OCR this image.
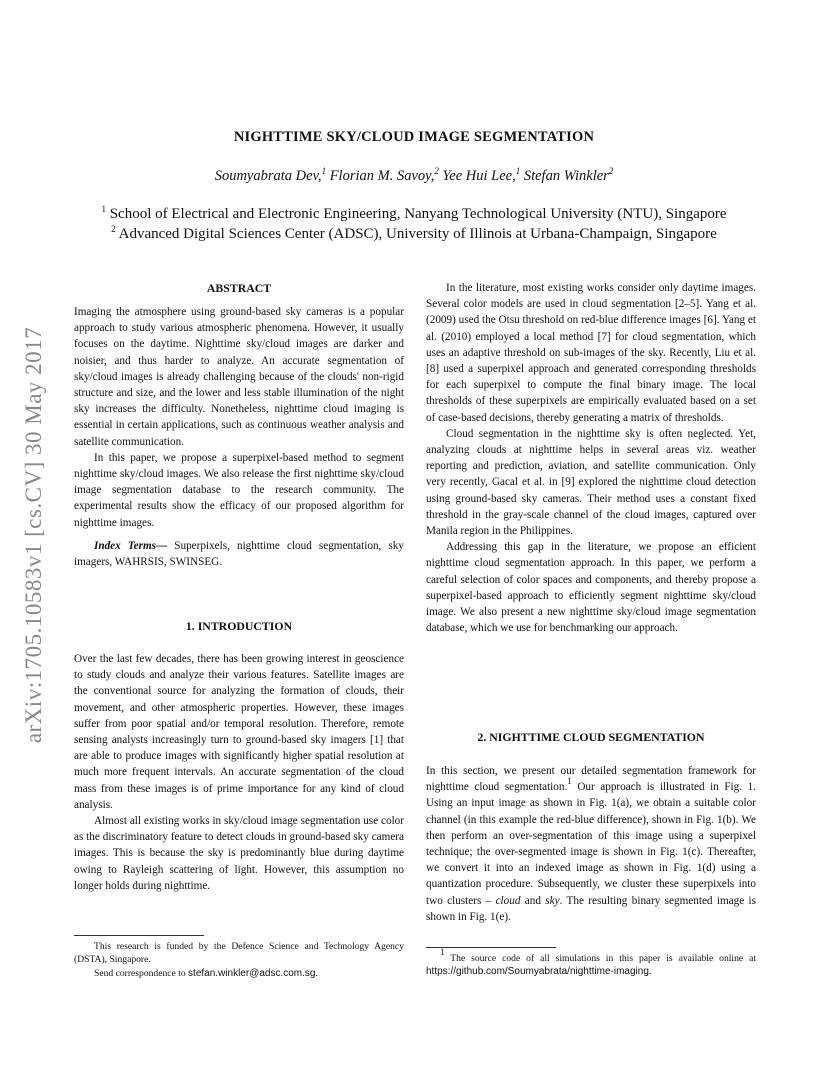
NIGHTTIME SKY/CLOUD IMAGE SEGMENTATION
Soumyabrata Dev,$^1$ Florian M. Savoy,$^2$ Yee Hui Lee,$^1$ Stefan Winkler$^2$
$^1$ School of Electrical and Electronic Engineering, Nanyang Technological University (NTU), Singapore
$^2$ Advanced Digital Sciences Center (ADSC), University of Illinois at Urbana-Champaign, Singapore
arXiv:1705.10583v1 [cs.CV] 30 May 2017
ABSTRACT

Imaging the atmosphere using ground-based sky cameras is a popular approach to study various atmospheric phenomena. However, it usually focuses on the daytime. Nighttime sky/cloud images are darker and noisier, and thus harder to analyze. An accurate segmentation of sky/cloud images is already challenging because of the clouds' non-rigid structure and size, and the lower and less stable illumination of the night sky increases the difficulty. Nonetheless, nighttime cloud imaging is essential in certain applications, such as continuous weather analysis and satellite communication.

In this paper, we propose a superpixel-based method to segment nighttime sky/cloud images. We also release the first nighttime sky/cloud image segmentation database to the research community. The experimental results show the efficacy of our proposed algorithm for nighttime images.

Index Terms— Superpixels, nighttime cloud segmentation, sky imagers, WAHRSIS, SWINSEG.

1. INTRODUCTION

Over the last few decades, there has been growing interest in geoscience to study clouds and analyze their various features. Satellite images are the conventional source for analyzing the formation of clouds, their movement, and other atmospheric properties. However, these images suffer from poor spatial and/or temporal resolution. Therefore, remote sensing analysts increasingly turn to ground-based sky imagers [1] that are able to produce images with significantly higher spatial resolution at much more frequent intervals. An accurate segmentation of the cloud mass from these images is of prime importance for any kind of cloud analysis.

Almost all existing works in sky/cloud image segmentation use color as the discriminatory feature to detect clouds in ground-based sky camera images. This is because the sky is predominantly blue during daytime owing to Rayleigh scattering of light. However, this assumption no longer holds during nighttime.

This research is funded by the Defence Science and Technology Agency (DSTA), Singapore.

Send correspondence to stefan.winkler@adsc.com.sg.

In the literature, most existing works consider only daytime images. Several color models are used in cloud segmentation [2–5]. Yang et al. (2009) used the Otsu threshold on red-blue difference images [6]. Yang et al. (2010) employed a local method [7] for cloud segmentation, which uses an adaptive threshold on sub-images of the sky. Recently, Liu et al. [8] used a superpixel approach and generated corresponding thresholds for each superpixel to compute the final binary image. The local thresholds of these superpixels are empirically evaluated based on a set of case-based decisions, thereby generating a matrix of thresholds.

Cloud segmentation in the nighttime sky is often neglected. Yet, analyzing clouds at nighttime helps in several areas viz. weather reporting and prediction, aviation, and satellite communication. Only very recently, Gacal et al. in [9] explored the nighttime cloud detection using ground-based sky cameras. Their method uses a constant fixed threshold in the gray-scale channel of the cloud images, captured over Manila region in the Philippines.

Addressing this gap in the literature, we propose an efficient nighttime cloud segmentation approach. In this paper, we perform a careful selection of color spaces and components, and thereby propose a superpixel-based approach to efficiently segment nighttime sky/cloud image. We also present a new nighttime sky/cloud image segmentation database, which we use for benchmarking our approach.

2. NIGHTTIME CLOUD SEGMENTATION

In this section, we present our detailed segmentation framework for nighttime cloud segmentation.$^1$ Our approach is illustrated in Fig. 1. Using an input image as shown in Fig. 1(a), we obtain a suitable color channel (in this example the red-blue difference), shown in Fig. 1(b). We then perform an over-segmentation of this image using a superpixel technique; the over-segmented image is shown in Fig. 1(c). Thereafter, we convert it into an indexed image as shown in Fig. 1(d) using a quantization procedure. Subsequently, we cluster these superpixels into two clusters – cloud and sky. The resulting binary segmented image is shown in Fig. 1(e).

$^1$ The source code of all simulations in this paper is available online at https://github.com/Soumyabrata/nighttime-imaging.
